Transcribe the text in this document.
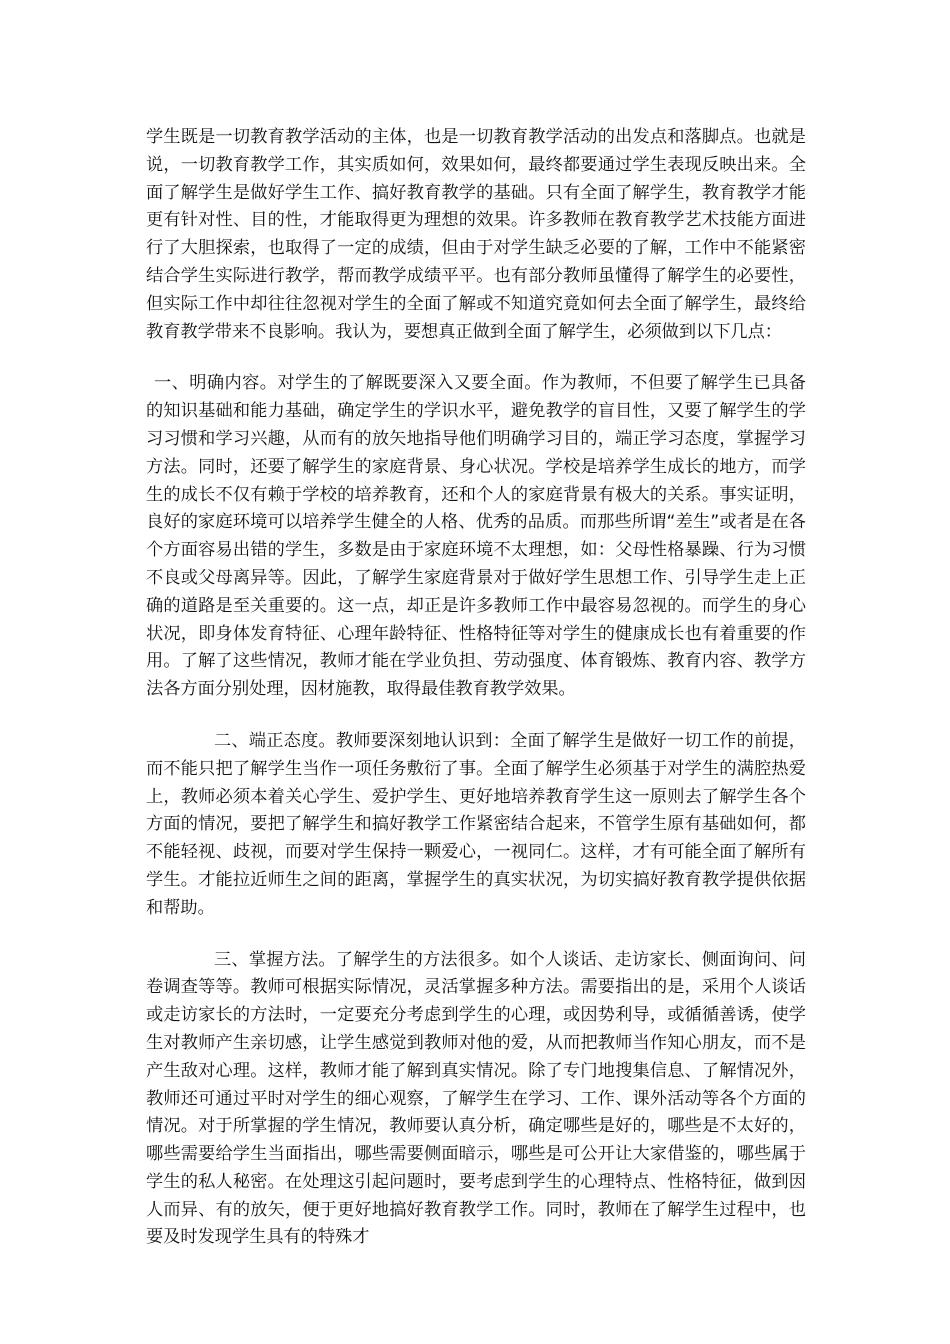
学生既是一切教育教学活动的主体，也是一切教育教学活动的出发点和落脚点。也就是说，一切教育教学工作，其实质如何，效果如何，最终都要通过学生表现反映出来。全面了解学生是做好学生工作、搞好教育教学的基础。只有全面了解学生，教育教学才能更有针对性、目的性，才能取得更为理想的效果。许多教师在教育教学艺术技能方面进行了大胆探索，也取得了一定的成绩，但由于对学生缺乏必要的了解，工作中不能紧密结合学生实际进行教学，帮而教学成绩平平。也有部分教师虽懂得了解学生的必要性，但实际工作中却往往忽视对学生的全面了解或不知道究竟如何去全面了解学生，最终给教育教学带来不良影响。我认为，要想真正做到全面了解学生，必须做到以下几点：

一、明确内容。对学生的了解既要深入又要全面。作为教师，不但要了解学生已具备的知识基础和能力基础，确定学生的学识水平，避免教学的盲目性，又要了解学生的学习习惯和学习兴趣，从而有的放矢地指导他们明确学习目的，端正学习态度，掌握学习方法。同时，还要了解学生的家庭背景、身心状况。学校是培养学生成长的地方，而学生的成长不仅有赖于学校的培养教育，还和个人的家庭背景有极大的关系。事实证明，良好的家庭环境可以培养学生健全的人格、优秀的品质。而那些所谓“差生”或者是在各个方面容易出错的学生，多数是由于家庭环境不太理想，如：父母性格暴躁、行为习惯不良或父母离异等。因此，了解学生家庭背景对于做好学生思想工作、引导学生走上正确的道路是至关重要的。这一点，却正是许多教师工作中最容易忽视的。而学生的身心状况，即身体发育特征、心理年龄特征、性格特征等对学生的健康成长也有着重要的作用。了解了这些情况，教师才能在学业负担、劳动强度、体育锻炼、教育内容、教学方法各方面分别处理，因材施教，取得最佳教育教学效果。

二、端正态度。教师要深刻地认识到：全面了解学生是做好一切工作的前提，而不能只把了解学生当作一项任务敷衍了事。全面了解学生必须基于对学生的满腔热爱上，教师必须本着关心学生、爱护学生、更好地培养教育学生这一原则去了解学生各个方面的情况，要把了解学生和搞好教学工作紧密结合起来，不管学生原有基础如何，都不能轻视、歧视，而要对学生保持一颗爱心，一视同仁。这样，才有可能全面了解所有学生。才能拉近师生之间的距离，掌握学生的真实状况，为切实搞好教育教学提供依据和帮助。

三、掌握方法。了解学生的方法很多。如个人谈话、走访家长、侧面询问、问卷调查等等。教师可根据实际情况，灵活掌握多种方法。需要指出的是，采用个人谈话或走访家长的方法时，一定要充分考虑到学生的心理，或因势利导，或循循善诱，使学生对教师产生亲切感，让学生感觉到教师对他的爱，从而把教师当作知心朋友，而不是产生敌对心理。这样，教师才能了解到真实情况。除了专门地搜集信息、了解情况外，教师还可通过平时对学生的细心观察，了解学生在学习、工作、课外活动等各个方面的情况。对于所掌握的学生情况，教师要认真分析，确定哪些是好的，哪些是不太好的，哪些需要给学生当面指出，哪些需要侧面暗示，哪些是可公开让大家借鉴的，哪些属于学生的私人秘密。在处理这引起问题时，要考虑到学生的心理特点、性格特征，做到因人而异、有的放矢，便于更好地搞好教育教学工作。同时，教师在了解学生过程中，也要及时发现学生具有的特殊才
